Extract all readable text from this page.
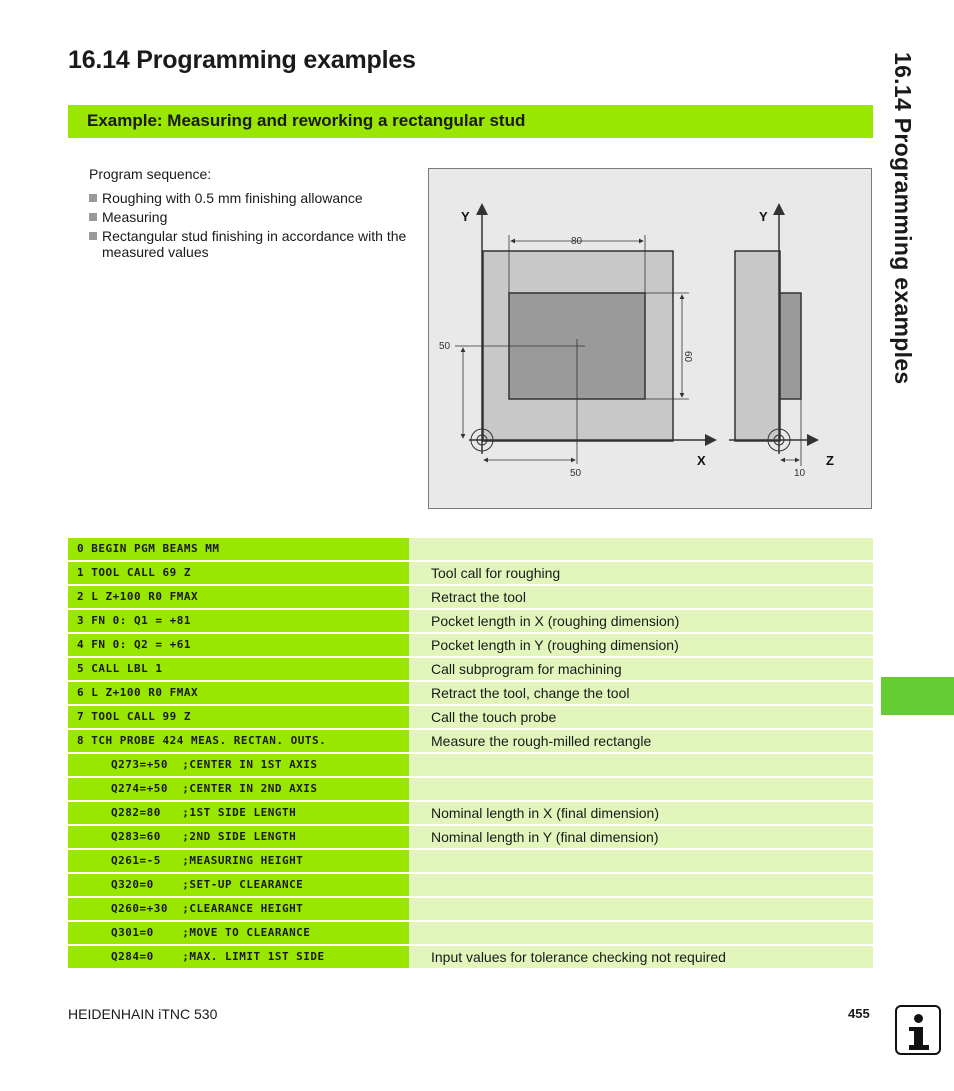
16.14 Programming examples
Example: Measuring and reworking a rectangular stud
Program sequence:
Roughing with 0.5 mm finishing allowance
Measuring
Rectangular stud finishing in accordance with the measured values
Y	Y
X	Z
80
60
50
50	10
0 BEGIN PGM BEAMS MM
1 TOOL CALL 69 Z	Tool call for roughing
2 L Z+100 R0 FMAX	Retract the tool
3 FN 0: Q1 = +81	Pocket length in X (roughing dimension)
4 FN 0: Q2 = +61	Pocket length in Y (roughing dimension)
5 CALL LBL 1	Call subprogram for machining
6 L Z+100 R0 FMAX	Retract the tool, change the tool
7 TOOL CALL 99 Z	Call the touch probe
8 TCH PROBE 424 MEAS. RECTAN. OUTS.	Measure the rough-milled rectangle
Q273=+50  ;CENTER IN 1ST AXIS
Q274=+50  ;CENTER IN 2ND AXIS
Q282=80   ;1ST SIDE LENGTH	Nominal length in X (final dimension)
Q283=60   ;2ND SIDE LENGTH	Nominal length in Y (final dimension)
Q261=-5   ;MEASURING HEIGHT
Q320=0    ;SET-UP CLEARANCE
Q260=+30  ;CLEARANCE HEIGHT
Q301=0    ;MOVE TO CLEARANCE
Q284=0    ;MAX. LIMIT 1ST SIDE	Input values for tolerance checking not required
HEIDENHAIN iTNC 530	455
16.14 Programming examples
